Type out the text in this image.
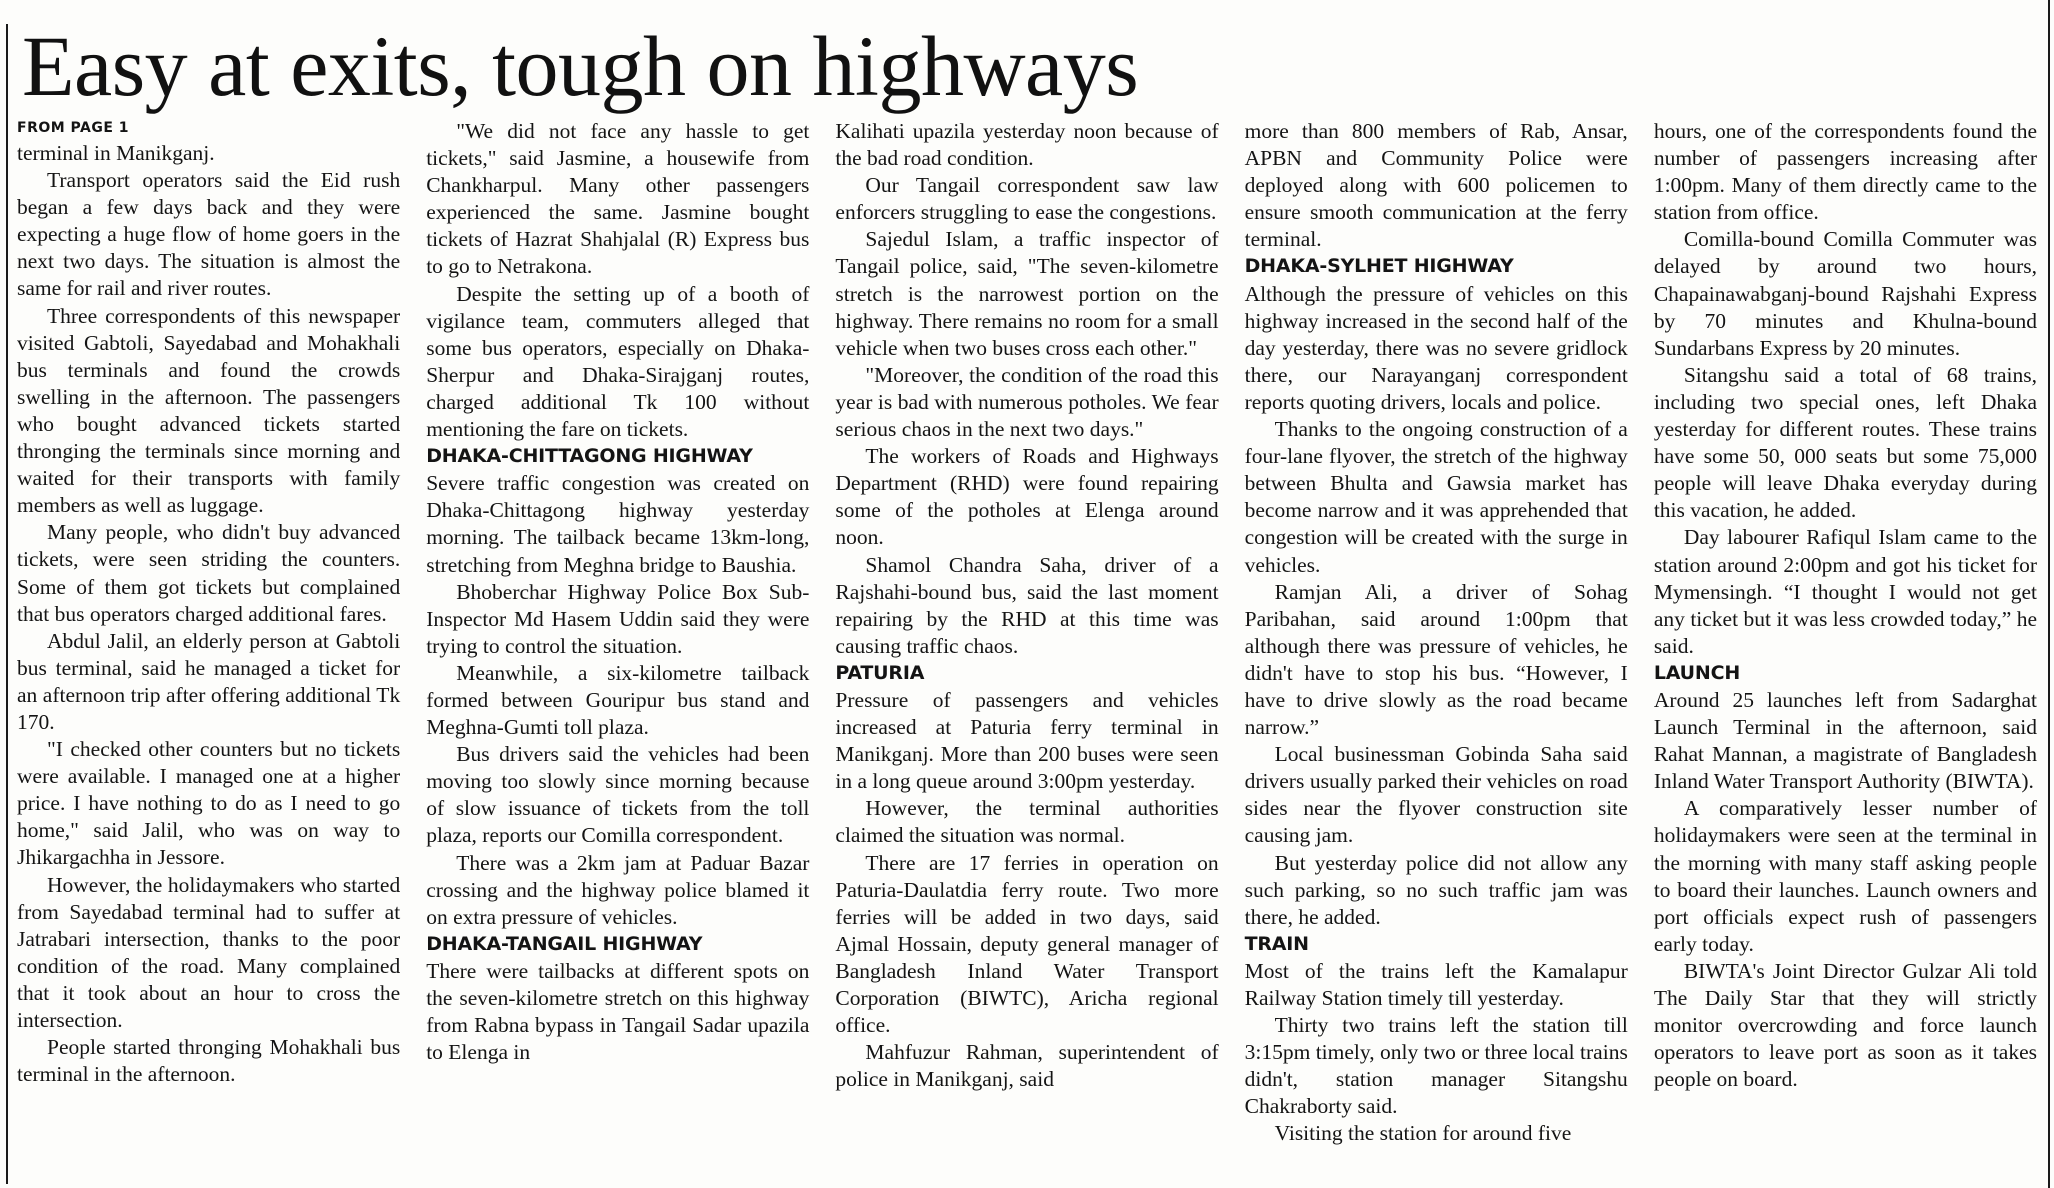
Easy at exits, tough on highways
FROM PAGE 1

terminal in Manikganj.

Transport operators said the Eid rush began a few days back and they were expecting a huge flow of home goers in the next two days. The situation is almost the same for rail and river routes.

Three correspondents of this newspaper visited Gabtoli, Sayedabad and Mohakhali bus terminals and found the crowds swelling in the afternoon. The passengers who bought advanced tickets started thronging the terminals since morning and waited for their transports with family members as well as luggage.

Many people, who didn't buy advanced tickets, were seen striding the counters. Some of them got tickets but complained that bus operators charged additional fares.

Abdul Jalil, an elderly person at Gabtoli bus terminal, said he managed a ticket for an afternoon trip after offering additional Tk 170.

"I checked other counters but no tickets were available. I managed one at a higher price. I have nothing to do as I need to go home," said Jalil, who was on way to Jhikargachha in Jessore.

However, the holidaymakers who started from Sayedabad terminal had to suffer at Jatrabari intersection, thanks to the poor condition of the road. Many complained that it took about an hour to cross the intersection.

People started thronging Mohakhali bus terminal in the afternoon.

"We did not face any hassle to get tickets," said Jasmine, a housewife from Chankharpul. Many other passengers experienced the same. Jasmine bought tickets of Hazrat Shahjalal (R) Express bus to go to Netrakona.

Despite the setting up of a booth of vigilance team, commuters alleged that some bus operators, especially on Dhaka-Sherpur and Dhaka-Sirajganj routes, charged additional Tk 100 without mentioning the fare on tickets.

DHAKA-CHITTAGONG HIGHWAY

Severe traffic congestion was created on Dhaka-Chittagong highway yesterday morning. The tailback became 13km-long, stretching from Meghna bridge to Baushia.

Bhoberchar Highway Police Box Sub-Inspector Md Hasem Uddin said they were trying to control the situation.

Meanwhile, a six-kilometre tailback formed between Gouripur bus stand and Meghna-Gumti toll plaza.

Bus drivers said the vehicles had been moving too slowly since morning because of slow issuance of tickets from the toll plaza, reports our Comilla correspondent.

There was a 2km jam at Paduar Bazar crossing and the highway police blamed it on extra pressure of vehicles.

DHAKA-TANGAIL HIGHWAY

There were tailbacks at different spots on the seven-kilometre stretch on this highway from Rabna bypass in Tangail Sadar upazila to Elenga in

Kalihati upazila yesterday noon because of the bad road condition.

Our Tangail correspondent saw law enforcers struggling to ease the congestions.

Sajedul Islam, a traffic inspector of Tangail police, said, "The seven-kilometre stretch is the narrowest portion on the highway. There remains no room for a small vehicle when two buses cross each other."

"Moreover, the condition of the road this year is bad with numerous potholes. We fear serious chaos in the next two days."

The workers of Roads and Highways Department (RHD) were found repairing some of the potholes at Elenga around noon.

Shamol Chandra Saha, driver of a Rajshahi-bound bus, said the last moment repairing by the RHD at this time was causing traffic chaos.

PATURIA

Pressure of passengers and vehicles increased at Paturia ferry terminal in Manikganj. More than 200 buses were seen in a long queue around 3:00pm yesterday.

However, the terminal authorities claimed the situation was normal.

There are 17 ferries in operation on Paturia-Daulatdia ferry route. Two more ferries will be added in two days, said Ajmal Hossain, deputy general manager of Bangladesh Inland Water Transport Corporation (BIWTC), Aricha regional office.

Mahfuzur Rahman, superintendent of police in Manikganj, said

more than 800 members of Rab, Ansar, APBN and Community Police were deployed along with 600 policemen to ensure smooth communication at the ferry terminal.

DHAKA-SYLHET HIGHWAY

Although the pressure of vehicles on this highway increased in the second half of the day yesterday, there was no severe gridlock there, our Narayanganj correspondent reports quoting drivers, locals and police.

Thanks to the ongoing construction of a four-lane flyover, the stretch of the highway between Bhulta and Gawsia market has become narrow and it was apprehended that congestion will be created with the surge in vehicles.

Ramjan Ali, a driver of Sohag Paribahan, said around 1:00pm that although there was pressure of vehicles, he didn't have to stop his bus. “However, I have to drive slowly as the road became narrow.”

Local businessman Gobinda Saha said drivers usually parked their vehicles on road sides near the flyover construction site causing jam.

But yesterday police did not allow any such parking, so no such traffic jam was there, he added.

TRAIN

Most of the trains left the Kamalapur Railway Station timely till yesterday.

Thirty two trains left the station till 3:15pm timely, only two or three local trains didn't, station manager Sitangshu Chakraborty said.

Visiting the station for around five

hours, one of the correspondents found the number of passengers increasing after 1:00pm. Many of them directly came to the station from office.

Comilla-bound Comilla Commuter was delayed by around two hours, Chapainawabganj-bound Rajshahi Express by 70 minutes and Khulna-bound Sundarbans Express by 20 minutes.

Sitangshu said a total of 68 trains, including two special ones, left Dhaka yesterday for different routes. These trains have some 50, 000 seats but some 75,000 people will leave Dhaka everyday during this vacation, he added.

Day labourer Rafiqul Islam came to the station around 2:00pm and got his ticket for Mymensingh. “I thought I would not get any ticket but it was less crowded today,” he said.

LAUNCH

Around 25 launches left from Sadarghat Launch Terminal in the afternoon, said Rahat Mannan, a magistrate of Bangladesh Inland Water Transport Authority (BIWTA).

A comparatively lesser number of holidaymakers were seen at the terminal in the morning with many staff asking people to board their launches. Launch owners and port officials expect rush of passengers early today.

BIWTA's Joint Director Gulzar Ali told The Daily Star that they will strictly monitor overcrowding and force launch operators to leave port as soon as it takes people on board.
